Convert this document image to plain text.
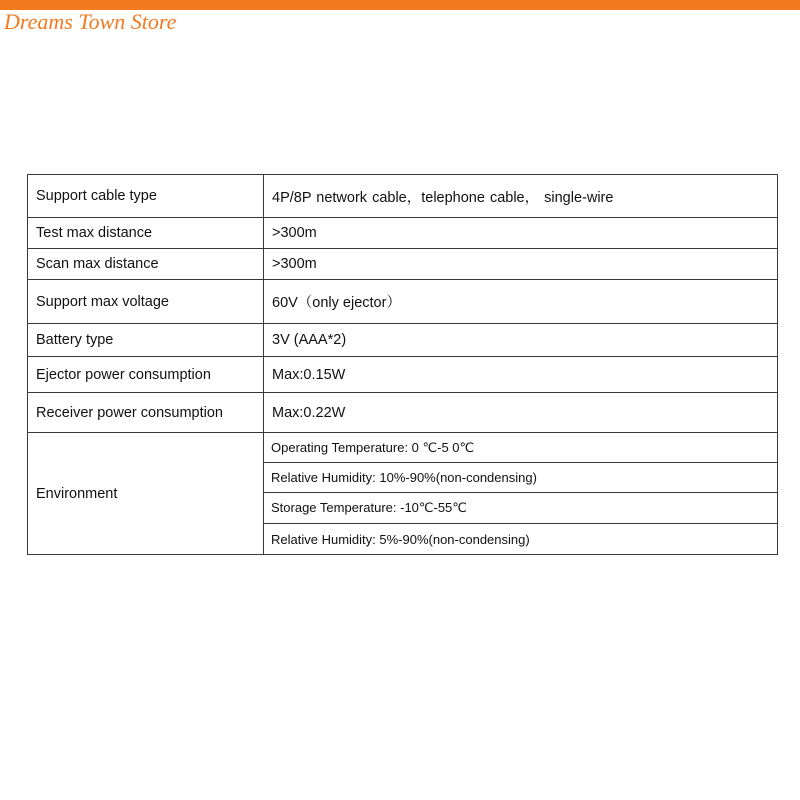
Dreams Town Store
Support cable type	4P/8P network cable，telephone cable， single-wire
Test max distance	>300m
Scan max distance	>300m
Support max voltage	60V（only ejector）
Battery type	3V (AAA*2)
Ejector power consumption	Max:0.15W
Receiver power consumption	Max:0.22W
Environment	Operating Temperature: 0 ℃-5 0℃
	Relative Humidity: 10%-90%(non-condensing)
	Storage Temperature: -10℃-55℃
	Relative Humidity: 5%-90%(non-condensing)
